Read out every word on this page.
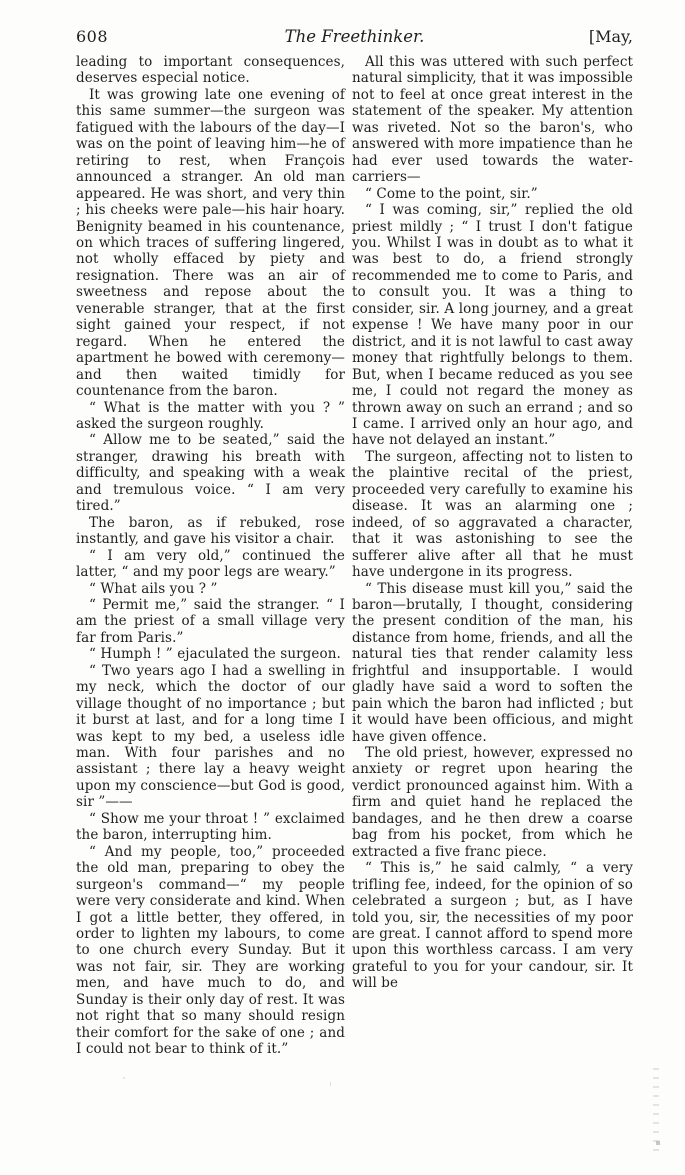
608	The Freethinker.	[May,

leading to important consequences, deserves especial notice.

It was growing late one evening of this same summer—the surgeon was fatigued with the labours of the day—I was on the point of leaving him—he of retiring to rest, when François announced a stranger. An old man appeared. He was short, and very thin ; his cheeks were pale—his hair hoary. Benignity beamed in his countenance, on which traces of suffering lingered, not wholly effaced by piety and resignation. There was an air of sweetness and repose about the venerable stranger, that at the first sight gained your respect, if not regard. When he entered the apartment he bowed with ceremony—and then waited timidly for countenance from the baron.

“ What is the matter with you ? ” asked the surgeon roughly.

“ Allow me to be seated,” said the stranger, drawing his breath with difficulty, and speaking with a weak and tremulous voice. “ I am very tired.”

The baron, as if rebuked, rose instantly, and gave his visitor a chair.

“ I am very old,” continued the latter, “ and my poor legs are weary.”

“ What ails you ? ”

“ Permit me,” said the stranger. “ I am the priest of a small village very far from Paris.”

“ Humph ! ” ejaculated the surgeon.

“ Two years ago I had a swelling in my neck, which the doctor of our village thought of no importance ; but it burst at last, and for a long time I was kept to my bed, a useless idle man. With four parishes and no assistant ; there lay a heavy weight upon my conscience—but God is good, sir ”——

“ Show me your throat ! ” exclaimed the baron, interrupting him.

“ And my people, too,” proceeded the old man, preparing to obey the surgeon's command—“ my people were very considerate and kind. When I got a little better, they offered, in order to lighten my labours, to come to one church every Sunday. But it was not fair, sir. They are working men, and have much to do, and Sunday is their only day of rest. It was not right that so many should resign their comfort for the sake of one ; and I could not bear to think of it.”

All this was uttered with such perfect natural simplicity, that it was impossible not to feel at once great interest in the statement of the speaker. My attention was riveted. Not so the baron's, who answered with more impatience than he had ever used towards the water-carriers—

“ Come to the point, sir.”

“ I was coming, sir,” replied the old priest mildly ; “ I trust I don't fatigue you. Whilst I was in doubt as to what it was best to do, a friend strongly recommended me to come to Paris, and to consult you. It was a thing to consider, sir. A long journey, and a great expense ! We have many poor in our district, and it is not lawful to cast away money that rightfully belongs to them. But, when I became reduced as you see me, I could not regard the money as thrown away on such an errand ; and so I came. I arrived only an hour ago, and have not delayed an instant.”

The surgeon, affecting not to listen to the plaintive recital of the priest, proceeded very carefully to examine his disease. It was an alarming one ; indeed, of so aggravated a character, that it was astonishing to see the sufferer alive after all that he must have undergone in its progress.

“ This disease must kill you,” said the baron—brutally, I thought, considering the present condition of the man, his distance from home, friends, and all the natural ties that render calamity less frightful and insupportable. I would gladly have said a word to soften the pain which the baron had inflicted ; but it would have been officious, and might have given offence.

The old priest, however, expressed no anxiety or regret upon hearing the verdict pronounced against him. With a firm and quiet hand he replaced the bandages, and he then drew a coarse bag from his pocket, from which he extracted a five franc piece.

“ This is,” he said calmly, “ a very trifling fee, indeed, for the opinion of so celebrated a surgeon ; but, as I have told you, sir, the necessities of my poor are great. I cannot afford to spend more upon this worthless carcass. I am very grateful to you for your candour, sir. It will be
